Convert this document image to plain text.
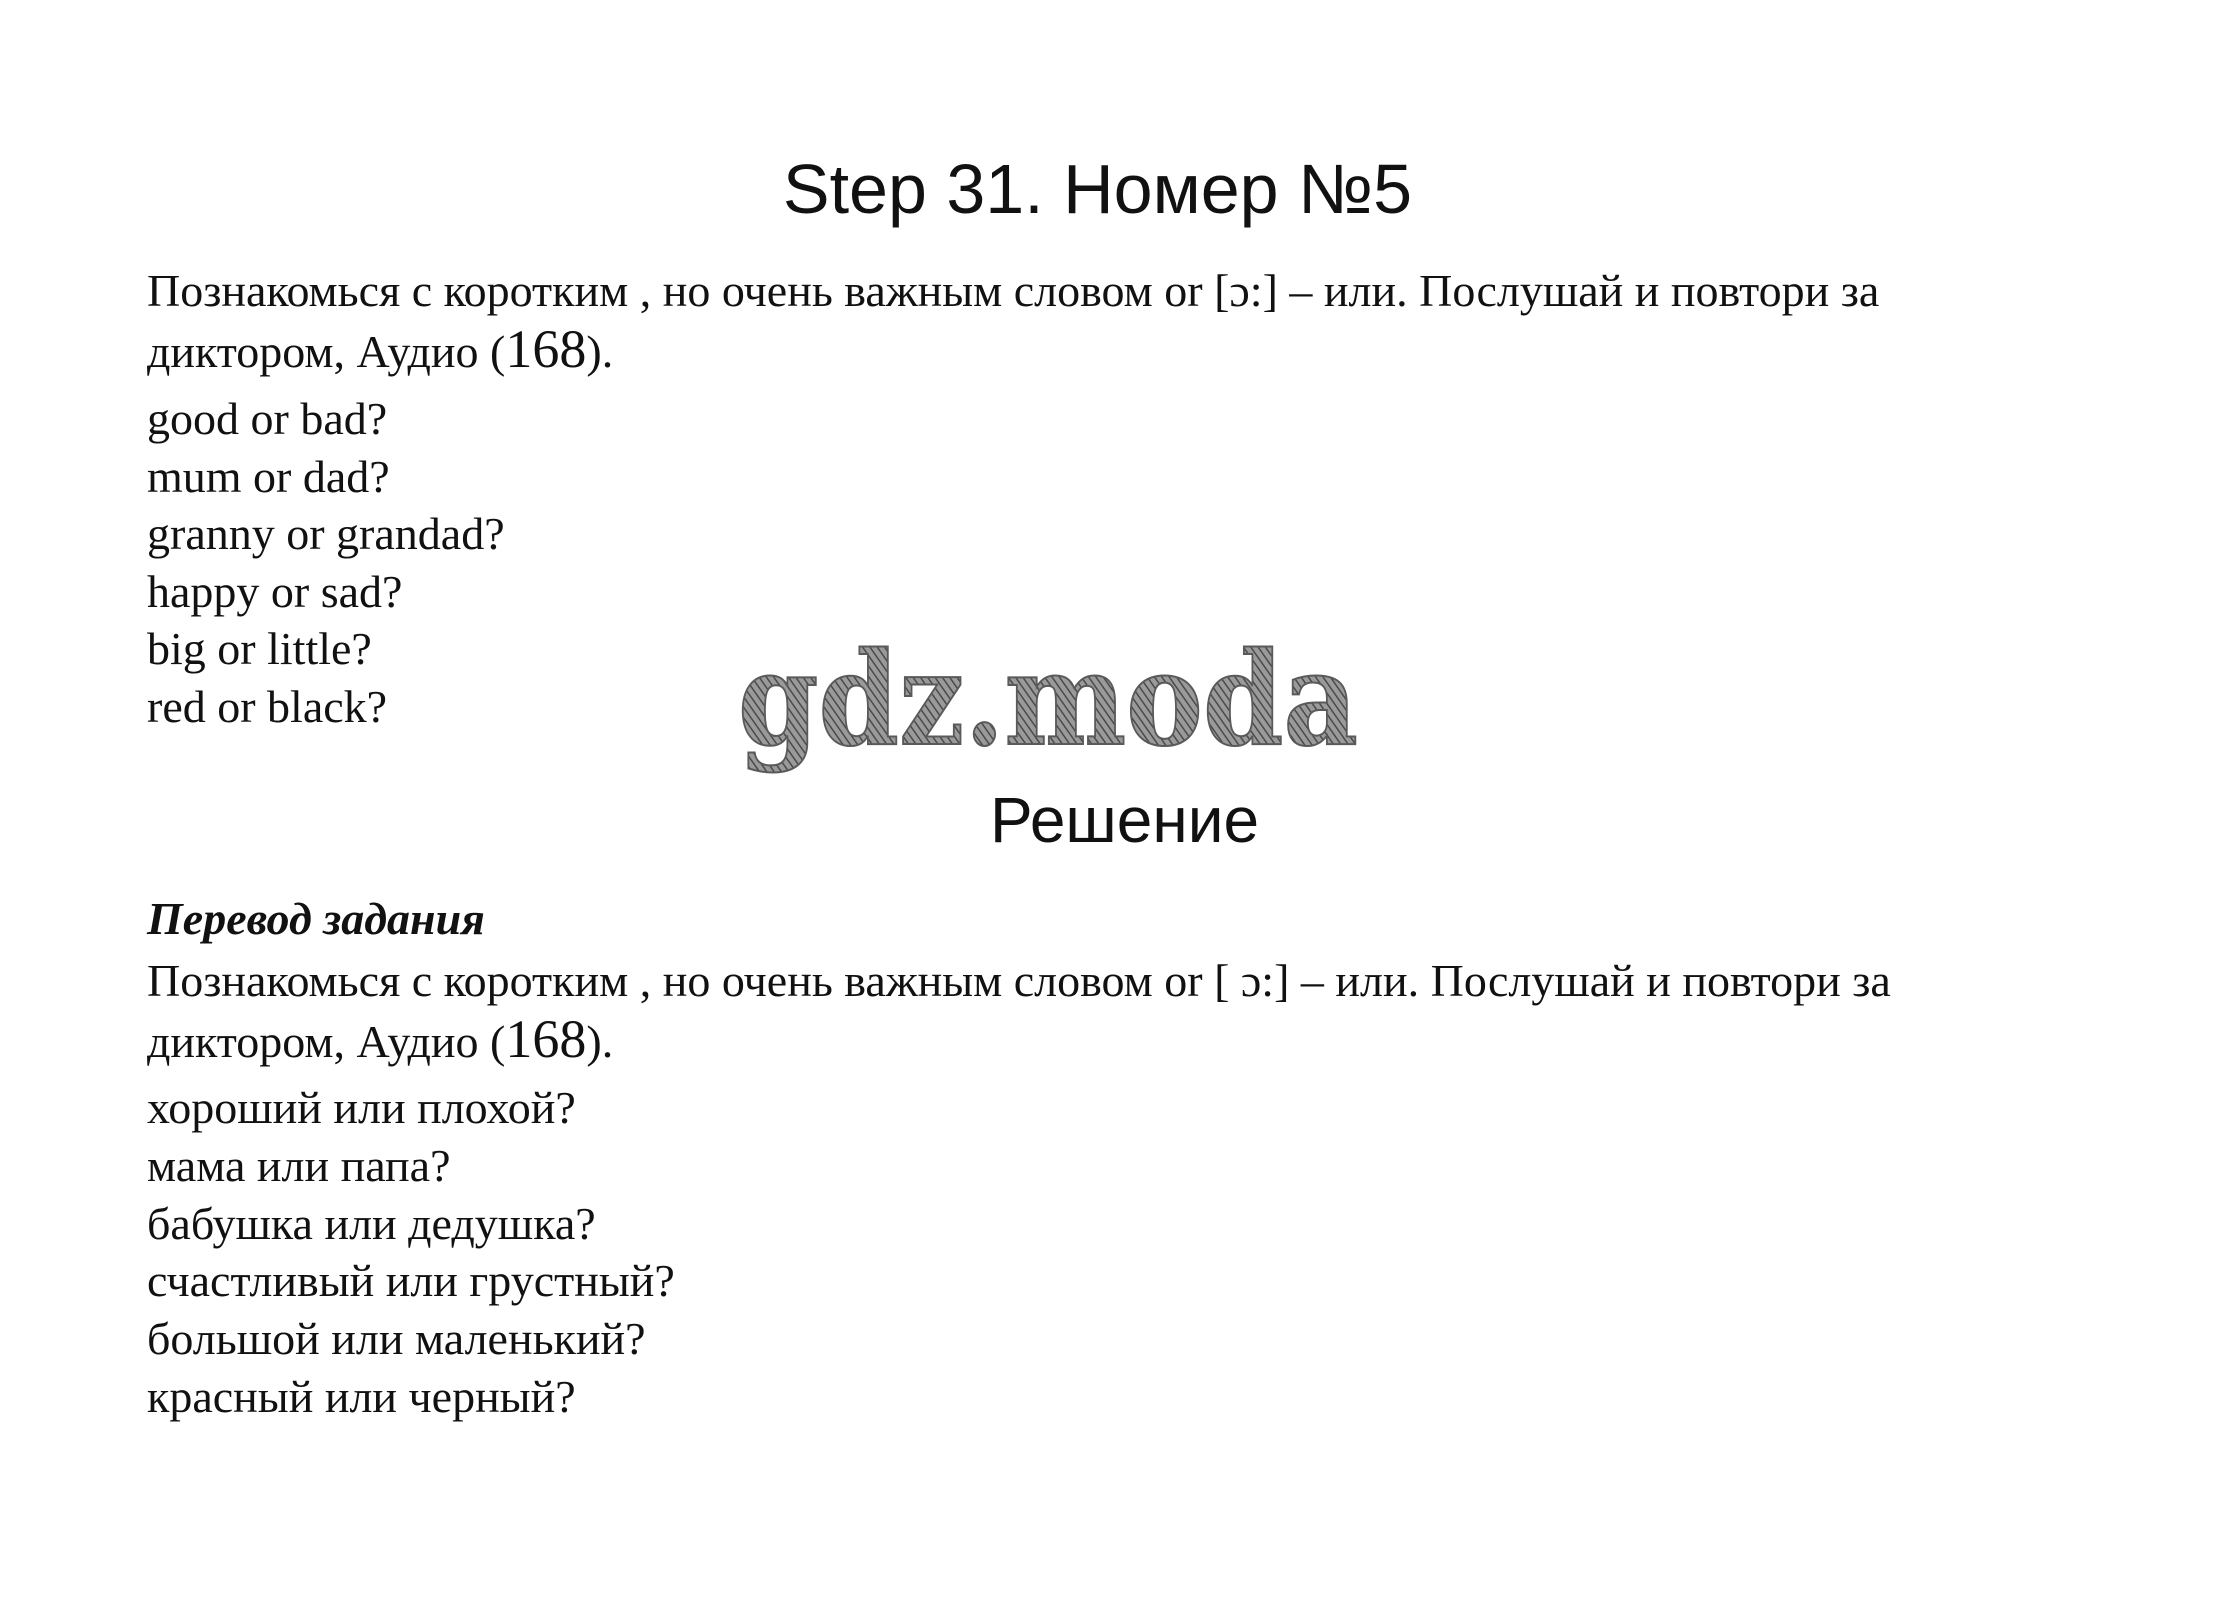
Step 31. Номер №5
Познакомься с коротким , но очень важным словом or [ɔ:] – или. Послушай и повтори за
диктором, Аудио (168).
good or bad?
mum or dad?
granny or grandad?
happy or sad?
big or little?
red or black?	gdz.moda
Решение
Перевод задания
Познакомься с коротким , но очень важным словом or [ ɔ:] – или. Послушай и повтори за
диктором, Аудио (168).
хороший или плохой?
мама или папа?
бабушка или дедушка?
счастливый или грустный?
большой или маленький?
красный или черный?
